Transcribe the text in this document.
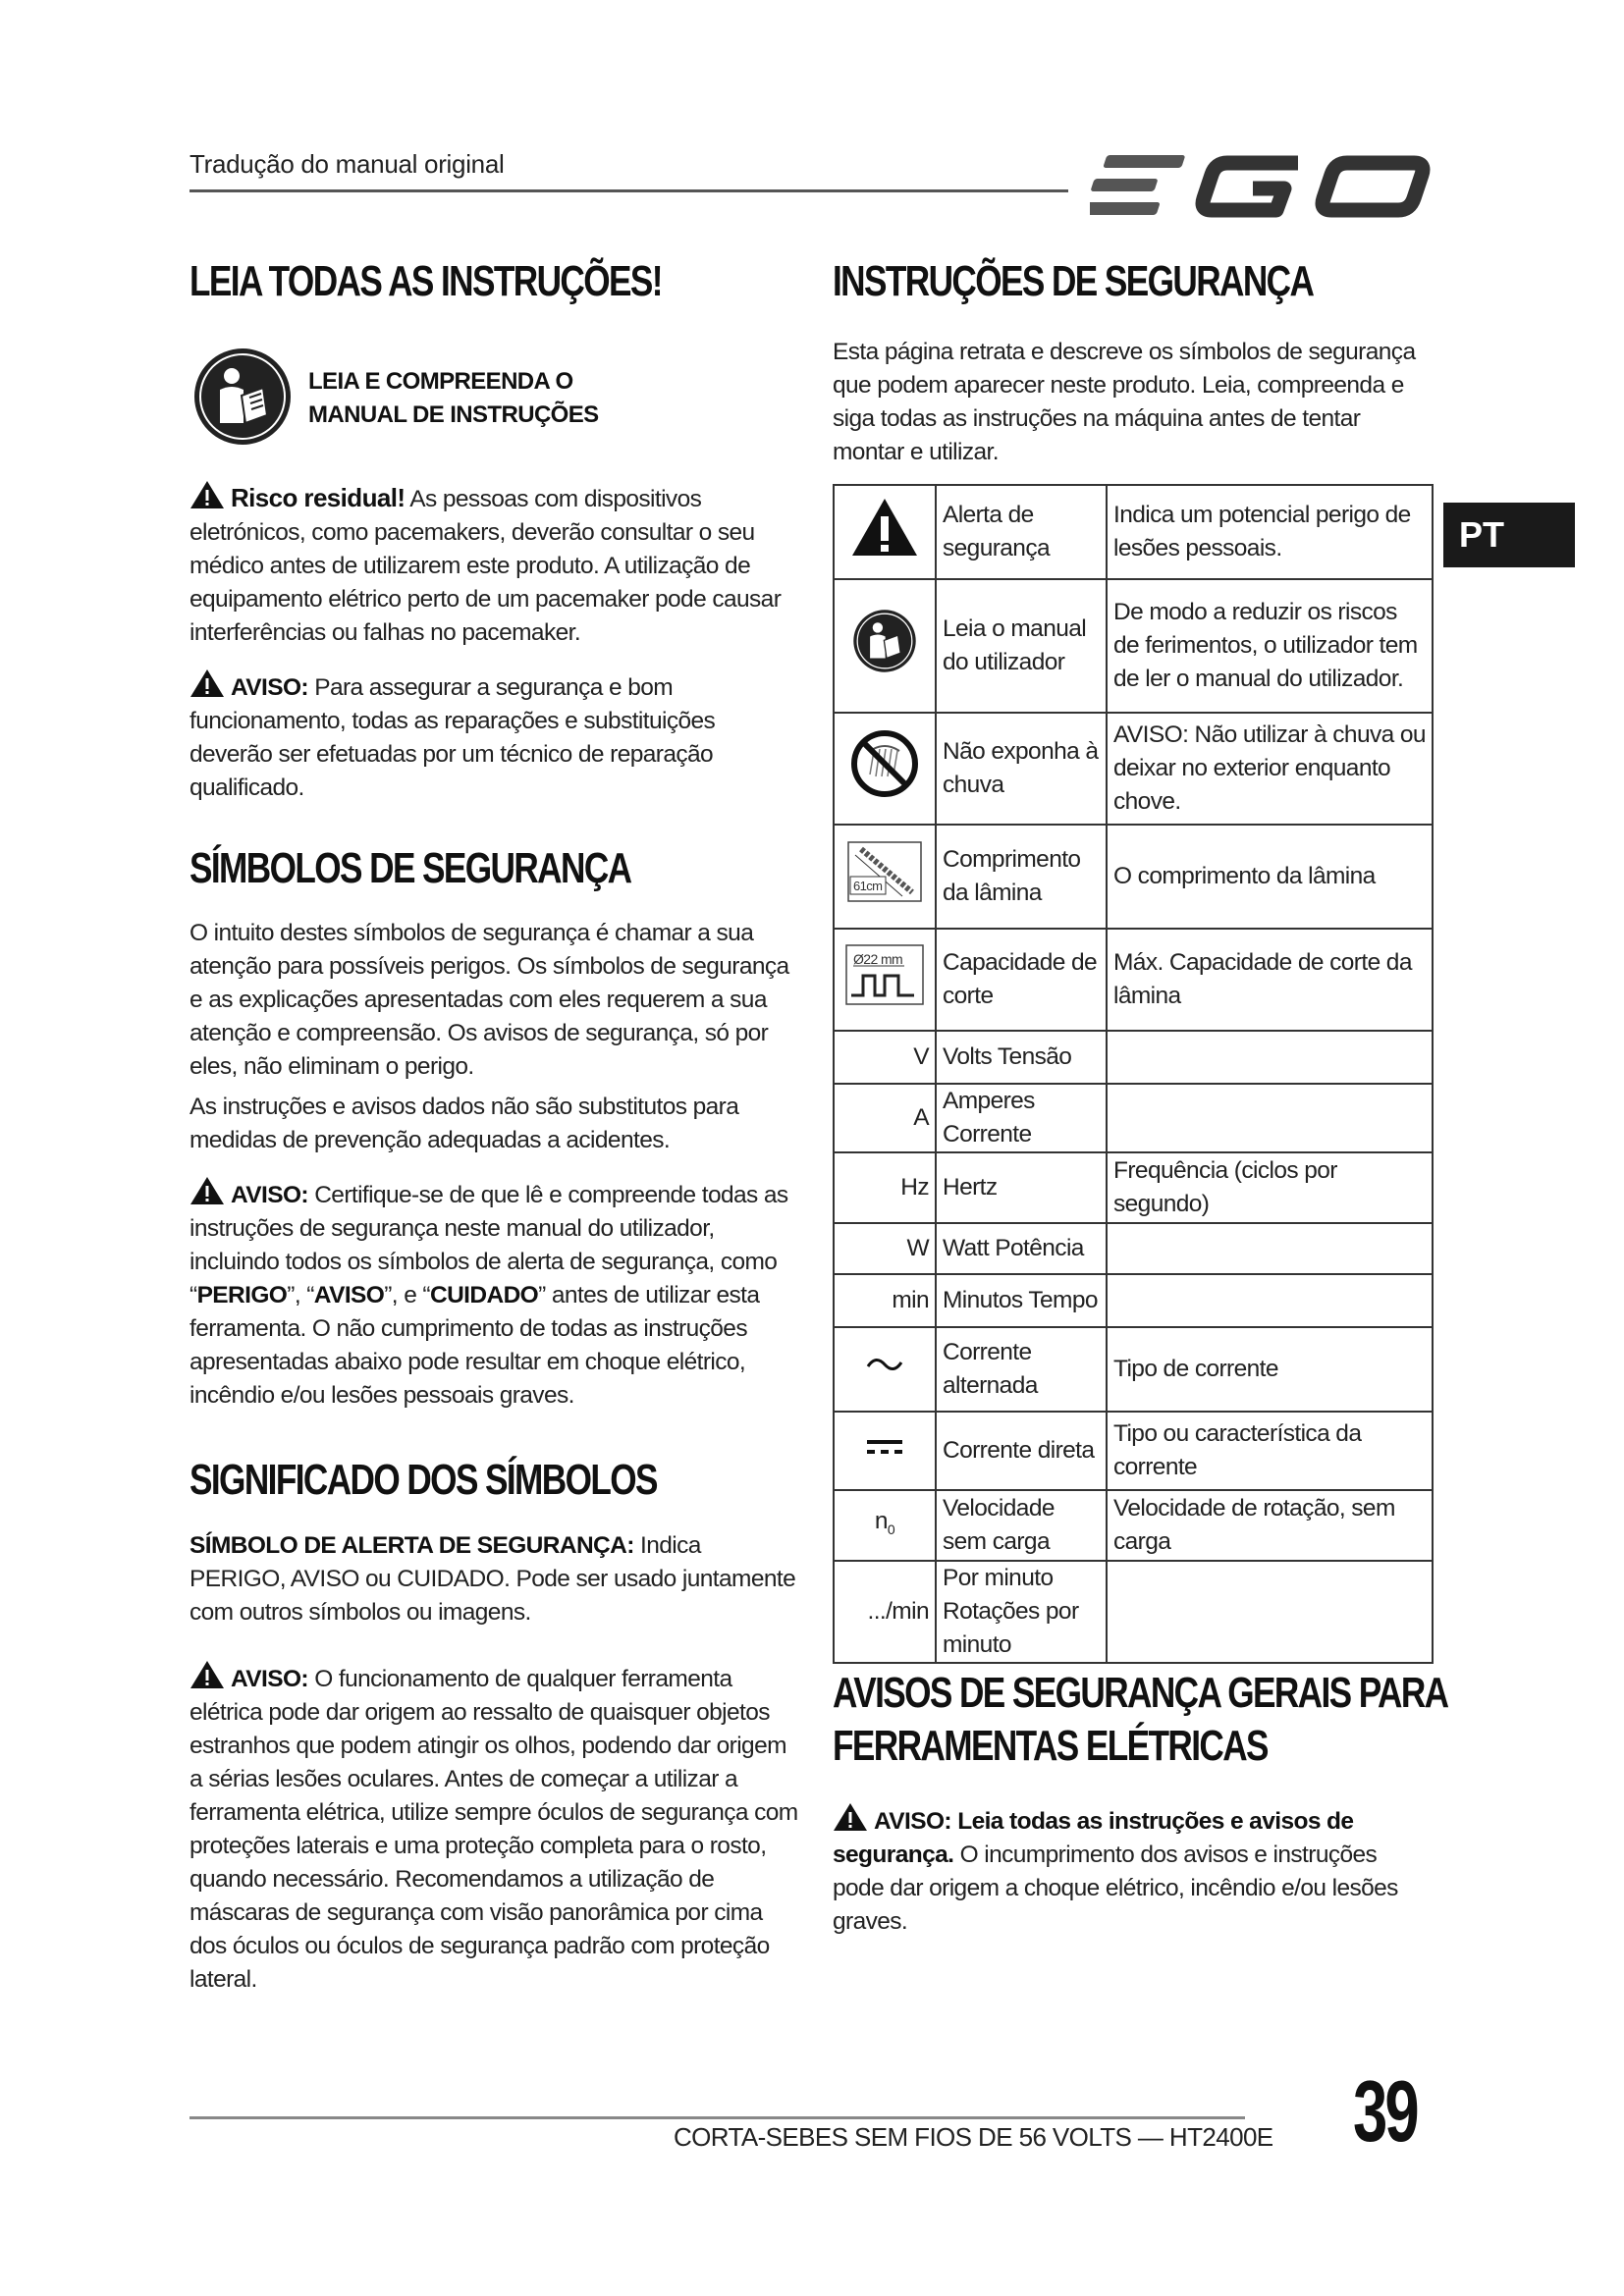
Tradução do manual original
LEIA TODAS AS INSTRUÇÕES!
LEIA E COMPREENDA O
MANUAL DE INSTRUÇÕES
Risco residual! As pessoas com dispositivos eletrónicos, como pacemakers, deverão consultar o seu médico antes de utilizarem este produto. A utilização de equipamento elétrico perto de um pacemaker pode causar interferências ou falhas no pacemaker.
AVISO: Para assegurar a segurança e bom funcionamento, todas as reparações e substituições deverão ser efetuadas por um técnico de reparação qualificado.
SÍMBOLOS DE SEGURANÇA
O intuito destes símbolos de segurança é chamar a sua atenção para possíveis perigos. Os símbolos de segurança e as explicações apresentadas com eles requerem a sua atenção e compreensão. Os avisos de segurança, só por eles, não eliminam o perigo.
As instruções e avisos dados não são substitutos para medidas de prevenção adequadas a acidentes.
AVISO: Certifique-se de que lê e compreende todas as instruções de segurança neste manual do utilizador, incluindo todos os símbolos de alerta de segurança, como “PERIGO”, “AVISO”, e “CUIDADO” antes de utilizar esta ferramenta. O não cumprimento de todas as instruções apresentadas abaixo pode resultar em choque elétrico, incêndio e/ou lesões pessoais graves.
SIGNIFICADO DOS SÍMBOLOS
SÍMBOLO DE ALERTA DE SEGURANÇA: Indica PERIGO, AVISO ou CUIDADO. Pode ser usado juntamente com outros símbolos ou imagens.
AVISO: O funcionamento de qualquer ferramenta elétrica pode dar origem ao ressalto de quaisquer objetos estranhos que podem atingir os olhos, podendo dar origem a sérias lesões oculares. Antes de começar a utilizar a ferramenta elétrica, utilize sempre óculos de segurança com proteções laterais e uma proteção completa para o rosto, quando necessário. Recomendamos a utilização de máscaras de segurança com visão panorâmica por cima dos óculos ou óculos de segurança padrão com proteção lateral.
INSTRUÇÕES DE SEGURANÇA
Esta página retrata e descreve os símbolos de segurança que podem aparecer neste produto. Leia, compreenda e siga todas as instruções na máquina antes de tentar montar e utilizar.
PT
	Alerta de segurança	Indica um potencial perigo de lesões pessoais.
	Leia o manual do utilizador	De modo a reduzir os riscos de ferimentos, o utilizador tem de ler o manual do utilizador.
	Não exponha à chuva	AVISO: Não utilizar à chuva ou deixar no exterior enquanto chove.

61cm	Comprimento da lâmina	O comprimento da lâmina

Ø22 mm	Capacidade de corte	Máx. Capacidade de corte da lâmina
V	Volts Tensão	
A	Amperes Corrente	
Hz	Hertz	Frequência (ciclos por segundo)
W	Watt Potência	
min	Minutos Tempo	
	Corrente alternada	Tipo de corrente
	Corrente direta	Tipo ou característica da corrente
$n_0$	Velocidade sem carga	Velocidade de rotação, sem carga
.../min	Por minuto Rotações por minuto	
AVISOS DE SEGURANÇA GERAIS PARA
FERRAMENTAS ELÉTRICAS
AVISO: Leia todas as instruções e avisos de segurança. O incumprimento dos avisos e instruções pode dar origem a choque elétrico, incêndio e/ou lesões graves.
CORTA-SEBES SEM FIOS DE 56 VOLTS — HT2400E 39
